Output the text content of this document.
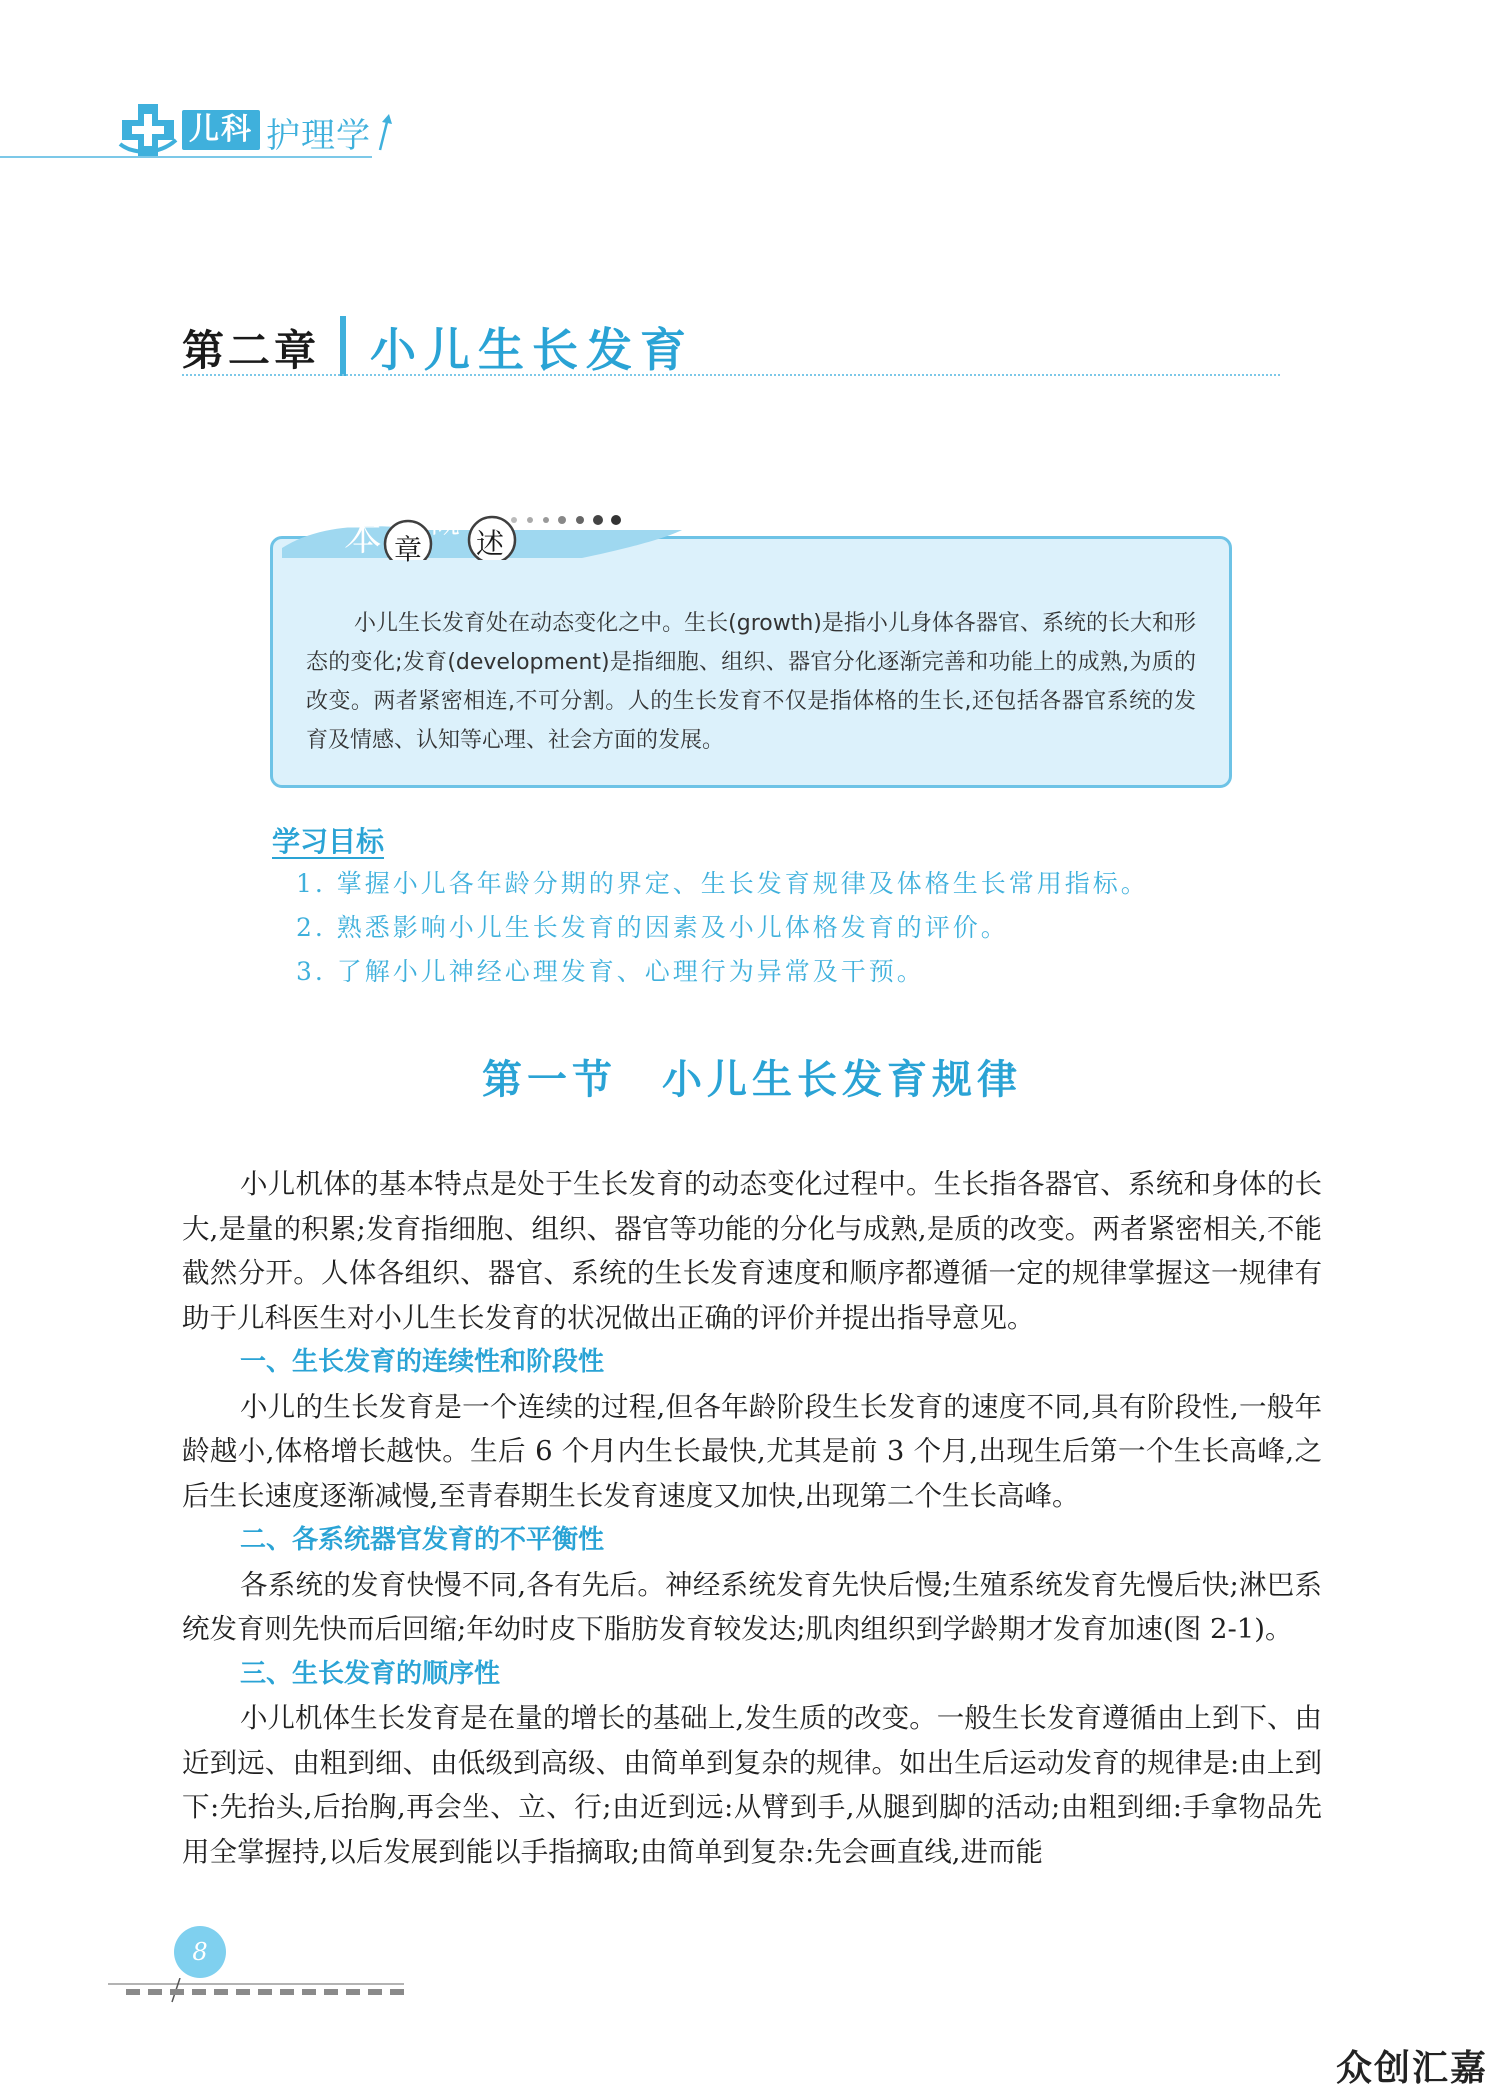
儿科 护理学
第二章 小儿生长发育
本 章
概
述
小儿生长发育处在动态变化之中。生长(growth)是指小儿身体各器官、系统的长大和形态的变化;发育(development)是指细胞、组织、器官分化逐渐完善和功能上的成熟,为质的改变。两者紧密相连,不可分割。人的生长发育不仅是指体格的生长,还包括各器官系统的发育及情感、认知等心理、社会方面的发展。
学习目标
1. 掌握小儿各年龄分期的界定、生长发育规律及体格生长常用指标。
2. 熟悉影响小儿生长发育的因素及小儿体格发育的评价。
3. 了解小儿神经心理发育、心理行为异常及干预。
第一节　小儿生长发育规律

小儿机体的基本特点是处于生长发育的动态变化过程中。生长指各器官、系统和身体的长大,是量的积累;发育指细胞、组织、器官等功能的分化与成熟,是质的改变。两者紧密相关,不能截然分开。人体各组织、器官、系统的生长发育速度和顺序都遵循一定的规律掌握这一规律有助于儿科医生对小儿生长发育的状况做出正确的评价并提出指导意见。

一、生长发育的连续性和阶段性

小儿的生长发育是一个连续的过程,但各年龄阶段生长发育的速度不同,具有阶段性,一般年龄越小,体格增长越快。生后 6 个月内生长最快,尤其是前 3 个月,出现生后第一个生长高峰,之后生长速度逐渐减慢,至青春期生长发育速度又加快,出现第二个生长高峰。

二、各系统器官发育的不平衡性

各系统的发育快慢不同,各有先后。神经系统发育先快后慢;生殖系统发育先慢后快;淋巴系统发育则先快而后回缩;年幼时皮下脂肪发育较发达;肌肉组织到学龄期才发育加速(图 2-1)。

三、生长发育的顺序性

小儿机体生长发育是在量的增长的基础上,发生质的改变。一般生长发育遵循由上到下、由近到远、由粗到细、由低级到高级、由简单到复杂的规律。如出生后运动发育的规律是:由上到下:先抬头,后抬胸,再会坐、立、行;由近到远:从臂到手,从腿到脚的活动;由粗到细:手拿物品先用全掌握持,以后发展到能以手指摘取;由简单到复杂:先会画直线,进而能

8
众创汇嘉
